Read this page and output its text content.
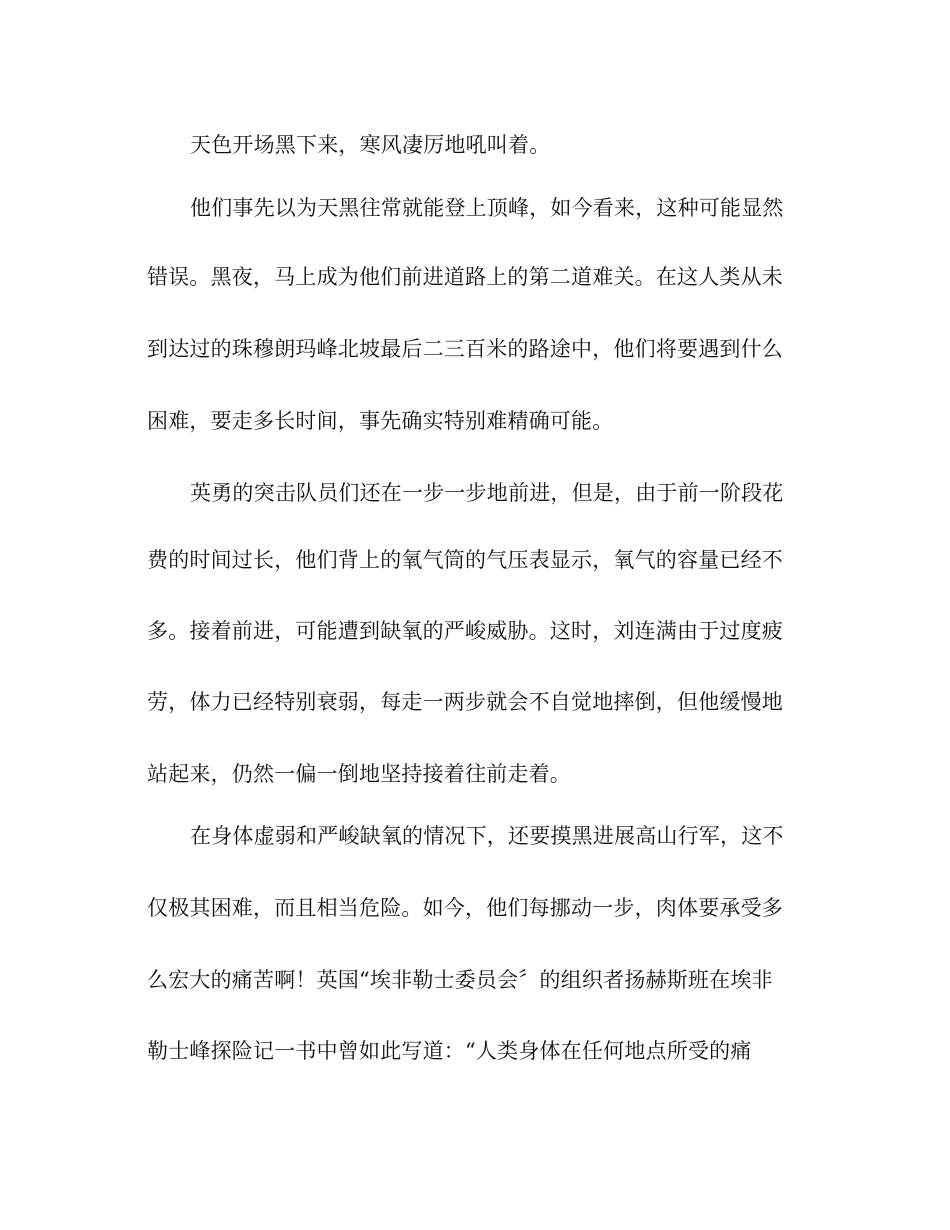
天色开场黑下来，寒风凄厉地吼叫着。
他们事先以为天黑往常就能登上顶峰，如今看来，这种可能显然
错误。黑夜，马上成为他们前进道路上的第二道难关。在这人类从未
到达过的珠穆朗玛峰北坡最后二三百米的路途中，他们将要遇到什么
困难，要走多长时间，事先确实特别难精确可能。
英勇的突击队员们还在一步一步地前进，但是，由于前一阶段花
费的时间过长，他们背上的氧气筒的气压表显示，氧气的容量已经不
多。接着前进，可能遭到缺氧的严峻威胁。这时，刘连满由于过度疲
劳，体力已经特别衰弱，每走一两步就会不自觉地摔倒，但他缓慢地
站起来，仍然一偏一倒地坚持接着往前走着。
在身体虚弱和严峻缺氧的情况下，还要摸黑进展高山行军，这不
仅极其困难，而且相当危险。如今，他们每挪动一步，肉体要承受多
么宏大的痛苦啊！英国“埃非勒士委员会〞的组织者扬赫斯班在埃非
勒士峰探险记一书中曾如此写道：“人类身体在任何地点所受的痛
